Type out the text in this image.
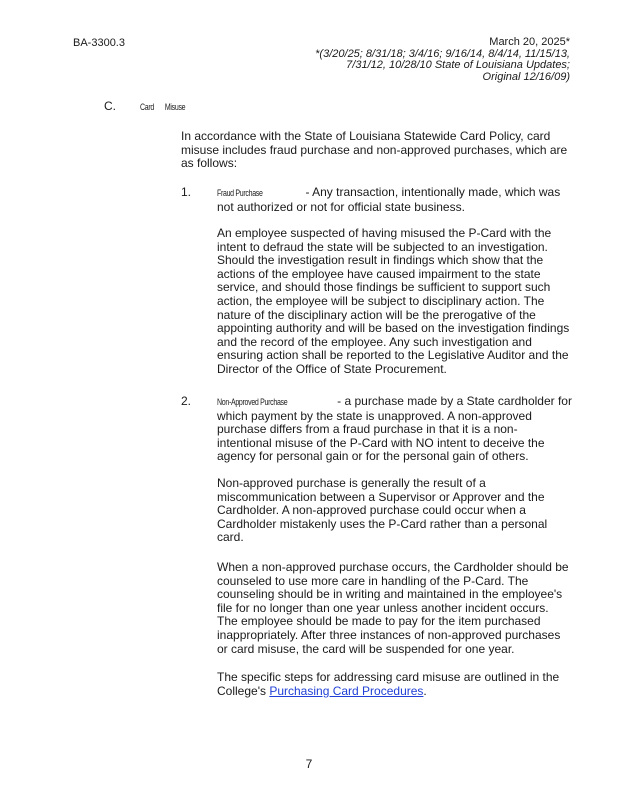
BA-3300.3	March 20, 2025*
*(3/20/25; 8/31/18; 3/4/16; 9/16/14, 8/4/14, 11/15/13,
7/31/12, 10/28/10 State of Louisiana Updates;
Original 12/16/09)
C.	Card Misuse
In accordance with the State of Louisiana Statewide Card Policy, card misuse includes fraud purchase and non-approved purchases, which are as follows:
1.	Fraud Purchase	- Any transaction, intentionally made, which was not authorized or not for official state business.
An employee suspected of having misused the P-Card with the intent to defraud the state will be subjected to an investigation. Should the investigation result in findings which show that the actions of the employee have caused impairment to the state service, and should those findings be sufficient to support such action, the employee will be subject to disciplinary action. The nature of the disciplinary action will be the prerogative of the appointing authority and will be based on the investigation findings and the record of the employee. Any such investigation and ensuring action shall be reported to the Legislative Auditor and the Director of the Office of State Procurement.
2.	Non-Approved Purchase	- a purchase made by a State cardholder for which payment by the state is unapproved. A non-approved purchase differs from a fraud purchase in that it is a non-intentional misuse of the P-Card with NO intent to deceive the agency for personal gain or for the personal gain of others.
Non-approved purchase is generally the result of a miscommunication between a Supervisor or Approver and the Cardholder. A non-approved purchase could occur when a Cardholder mistakenly uses the P-Card rather than a personal card.
When a non-approved purchase occurs, the Cardholder should be counseled to use more care in handling of the P-Card. The counseling should be in writing and maintained in the employee's file for no longer than one year unless another incident occurs. The employee should be made to pay for the item purchased inappropriately. After three instances of non-approved purchases or card misuse, the card will be suspended for one year.
The specific steps for addressing card misuse are outlined in the College's Purchasing Card Procedures.
7
